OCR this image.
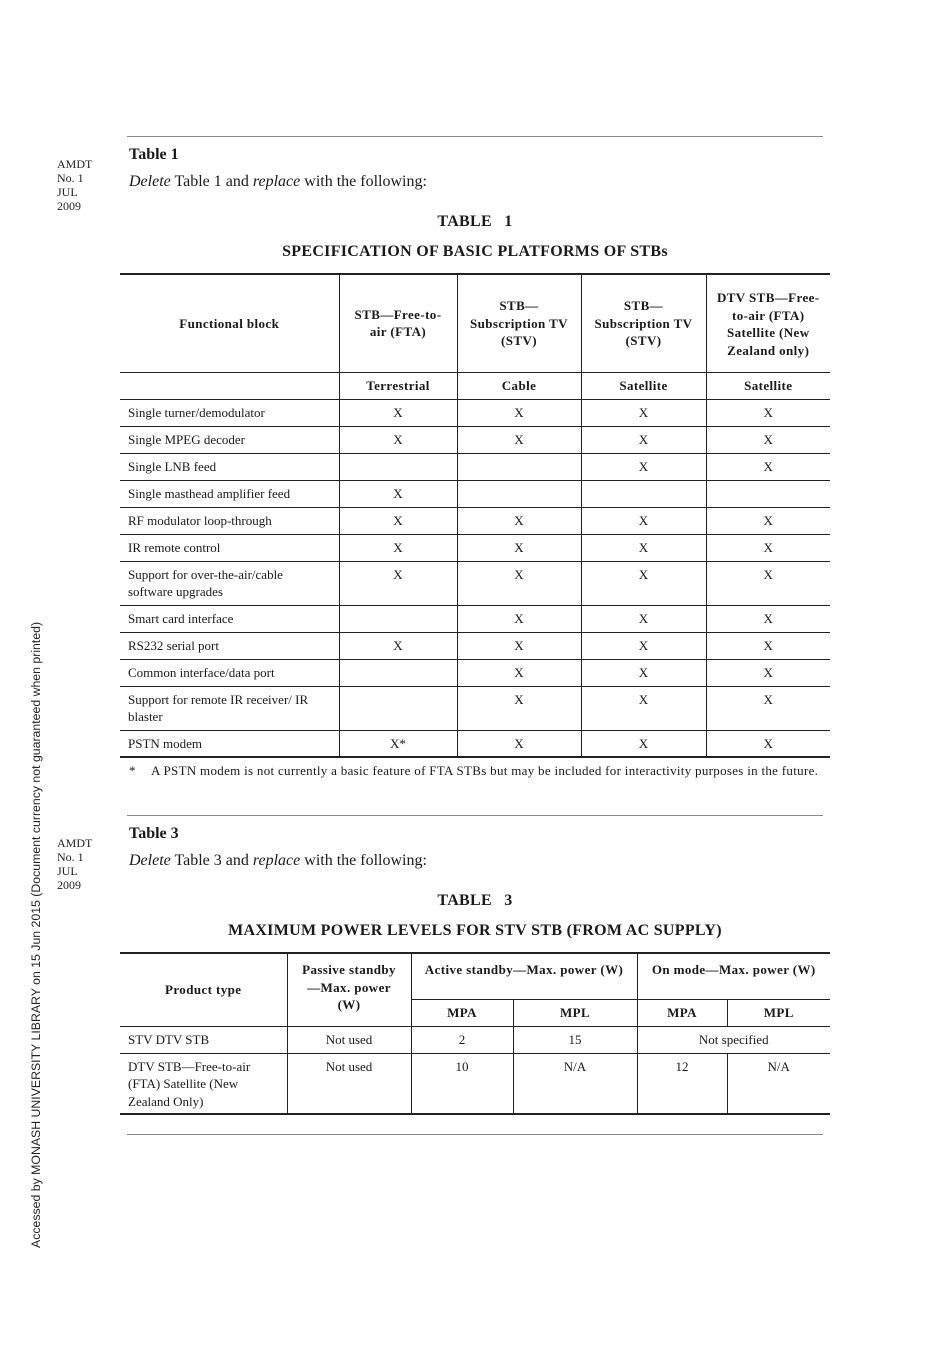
Accessed by MONASH UNIVERSITY LIBRARY on 15 Jun 2015 (Document currency not guaranteed when printed)
AMDT
No. 1
JUL
2009
Table 1
Delete Table 1 and replace with the following:
TABLE 1
SPECIFICATION OF BASIC PLATFORMS OF STBs
Functional block	STB—Free-to-air (FTA)	STB—Subscription TV (STV)	STB—Subscription TV (STV)	DTV STB—Free-to-air (FTA) Satellite (New Zealand only)
	Terrestrial	Cable	Satellite	Satellite
Single turner/demodulator	X	X	X	X
Single MPEG decoder	X	X	X	X
Single LNB feed			X	X
Single masthead amplifier feed	X			
RF modulator loop-through	X	X	X	X
IR remote control	X	X	X	X
Support for over-the-air/cable software upgrades	X	X	X	X
Smart card interface		X	X	X
RS232 serial port	X	X	X	X
Common interface/data port		X	X	X
Support for remote IR receiver/ IR blaster		X	X	X
PSTN modem	X*	X	X	X
* A PSTN modem is not currently a basic feature of FTA STBs but may be included for interactivity purposes in the future.
AMDT
No. 1
JUL
2009
Table 3
Delete Table 3 and replace with the following:
TABLE 3
MAXIMUM POWER LEVELS FOR STV STB (FROM AC SUPPLY)
Product type	Passive standby—Max. power (W)	Active standby—Max. power (W)		On mode—Max. power (W)	
		MPA	MPL	MPA	MPL
STV DTV STB	Not used	2	15	Not specified	
DTV STB—Free-to-air (FTA) Satellite (New Zealand Only)	Not used	10	N/A	12	N/A
